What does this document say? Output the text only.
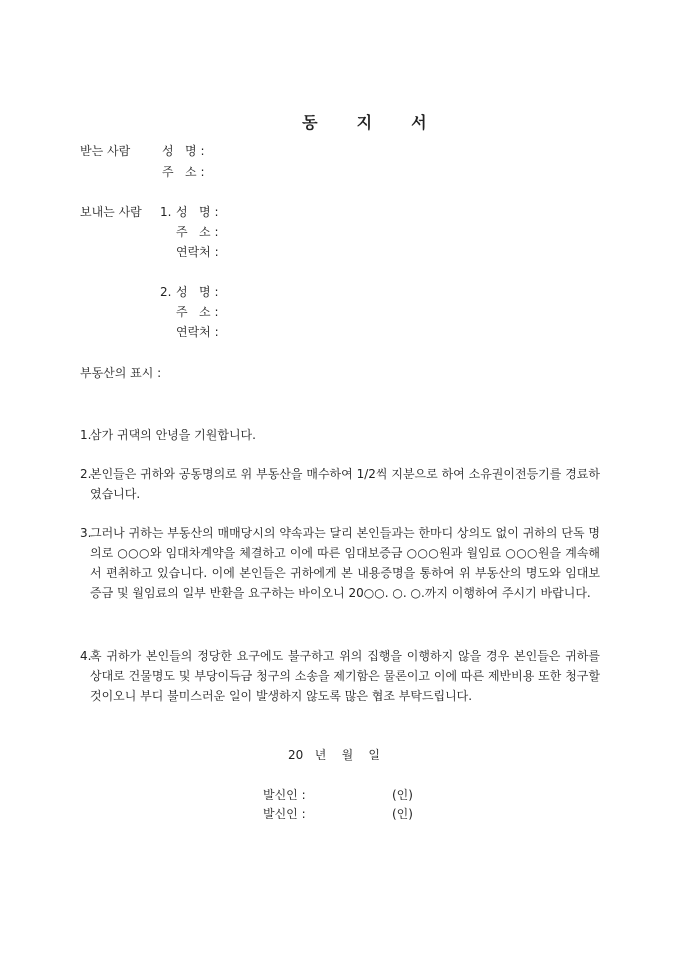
동 지 서

받는 사람	성   명 :
주   소 :
보내는 사람 1. 성   명 :
주   소 :
연락처 :
2. 성   명 :
주   소 :
연락처 :
부동산의 표시 :
1.
삼가 귀댁의 안녕을 기원합니다.
2.
본인들은 귀하와 공동명의로 위 부동산을 매수하여 1/2씩 지분으로 하여 소유권이전등기를 경료하였습니다.
3.
그러나 귀하는 부동산의 매매당시의 약속과는 달리 본인들과는 한마디 상의도 없이 귀하의 단독 명의로 ○○○와 임대차계약을 체결하고 이에 따른 임대보증금 ○○○원과 월임료 ○○○원을 계속해서 편취하고 있습니다. 이에 본인들은 귀하에게 본 내용증명을 통하여 위 부동산의 명도와 임대보증금 및 월임료의 일부 반환을 요구하는 바이오니 20○○. ○. ○.까지 이행하여 주시기 바랍니다.
4.
혹 귀하가 본인들의 정당한 요구에도 불구하고 위의 집행을 이행하지 않을 경우 본인들은 귀하를 상대로 건물명도 및 부당이득금 청구의 소송을 제기함은 물론이고 이에 따른 제반비용 또한 청구할 것이오니 부디 불미스러운 일이 발생하지 않도록 많은 협조 부탁드립니다.
20   년    월    일
발신인 :	(인)
발신인 :	(인)
